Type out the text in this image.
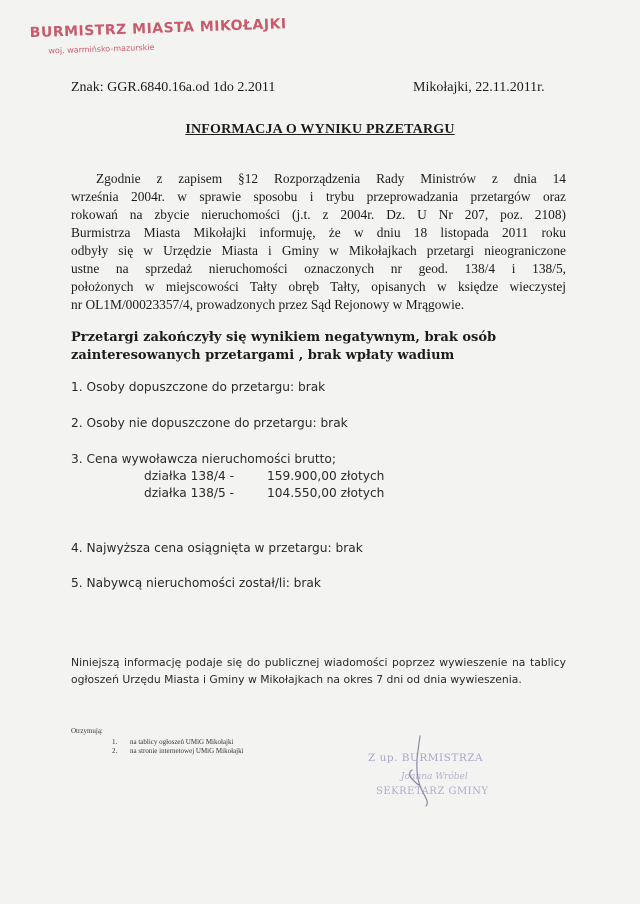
BURMISTRZ MIASTA MIKOŁAJKI
woj. warmińsko-mazurskie
Znak: GGR.6840.16a.od 1do 2.2011	Mikołajki, 22.11.2011r.
INFORMACJA O WYNIKU PRZETARGU
Zgodnie z zapisem §12 Rozporządzenia Rady Ministrów z dnia 14
września 2004r. w sprawie sposobu i trybu przeprowadzania przetargów oraz
rokowań na zbycie nieruchomości (j.t. z 2004r. Dz. U Nr 207, poz. 2108)
Burmistrza Miasta Mikołajki informuję, że w dniu 18 listopada 2011 roku
odbyły się w Urzędzie Miasta i Gminy w Mikołajkach przetargi nieograniczone
ustne na sprzedaż nieruchomości oznaczonych nr geod. 138/4 i 138/5,
położonych w miejscowości Tałty obręb Tałty, opisanych w księdze wieczystej
nr OL1M/00023357/4, prowadzonych przez Sąd Rejonowy w Mrągowie.
Przetargi zakończyły się wynikiem negatywnym, brak osób
zainteresowanych przetargami , brak wpłaty wadium
1. Osoby dopuszczone do przetargu: brak
2. Osoby nie dopuszczone do przetargu: brak
3. Cena wywoławcza nieruchomości brutto;
działka 138/4 -	159.900,00 złotych
działka 138/5 -	104.550,00 złotych
4. Najwyższa cena osiągnięta w przetargu: brak
5. Nabywcą nieruchomości został/li: brak
Niniejszą informację podaje się do publicznej wiadomości poprzez wywieszenie na tablicy
ogłoszeń Urzędu Miasta i Gminy w Mikołajkach na okres 7 dni od dnia wywieszenia.
Otrzymują:
1. na tablicy ogłoszeń UMiG Mikołajki
2. na stronie internetowej UMiG Mikołajki
Z up. BURMISTRZA
Joanna Wróbel
SEKRETARZ GMINY
